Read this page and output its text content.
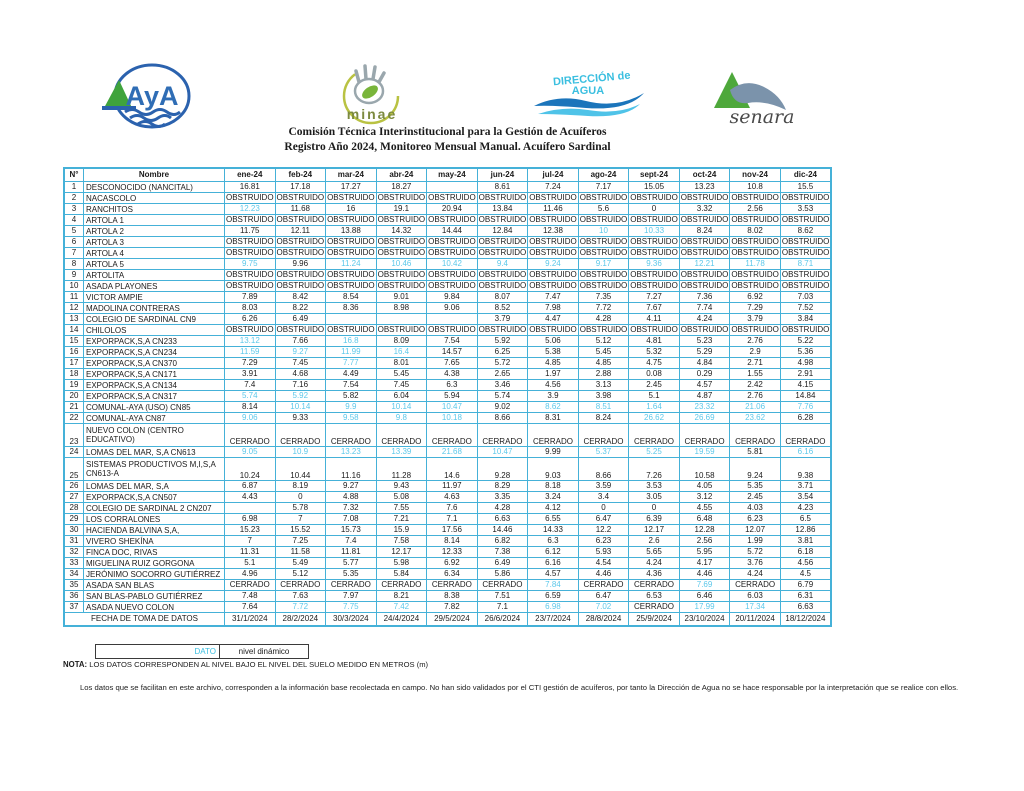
AyA
minae
DIRECCIÓN de
AGUA
senara
Comisión Técnica Interinstitucional para la Gestión de Acuíferos
Registro Año 2024, Monitoreo Mensual Manual. Acuífero Sardinal
N°	Nombre	ene-24	feb-24	mar-24	abr-24	may-24	jun-24	jul-24	ago-24	sept-24	oct-24	nov-24	dic-24
1	DESCONOCIDO (NANCITAL)	16.81	17.18	17.27	18.27		8.61	7.24	7.17	15.05	13.23	10.8	15.5
2	NACASCOLO	OBSTRUIDO	OBSTRUIDO	OBSTRUIDO	OBSTRUIDO	OBSTRUIDO	OBSTRUIDO	OBSTRUIDO	OBSTRUIDO	OBSTRUIDO	OBSTRUIDO	OBSTRUIDO	OBSTRUIDO
3	RANCHITOS	12.23	11.68	16	19.1	20.94	13.84	11.46	5.6	0	3.32	2.56	3.53
4	ARTOLA 1	OBSTRUIDO	OBSTRUIDO	OBSTRUIDO	OBSTRUIDO	OBSTRUIDO	OBSTRUIDO	OBSTRUIDO	OBSTRUIDO	OBSTRUIDO	OBSTRUIDO	OBSTRUIDO	OBSTRUIDO
5	ARTOLA 2	11.75	12.11	13.88	14.32	14.44	12.84	12.38	10	10.33	8.24	8.02	8.62
6	ARTOLA 3	OBSTRUIDO	OBSTRUIDO	OBSTRUIDO	OBSTRUIDO	OBSTRUIDO	OBSTRUIDO	OBSTRUIDO	OBSTRUIDO	OBSTRUIDO	OBSTRUIDO	OBSTRUIDO	OBSTRUIDO
7	ARTOLA 4	OBSTRUIDO	OBSTRUIDO	OBSTRUIDO	OBSTRUIDO	OBSTRUIDO	OBSTRUIDO	OBSTRUIDO	OBSTRUIDO	OBSTRUIDO	OBSTRUIDO	OBSTRUIDO	OBSTRUIDO
8	ARTOLA 5	9.75	9.96	11.24	10.46	10.42	9.4	9.24	9.17	9.36	12.21	11.78	8.71
9	ARTOLITA	OBSTRUIDO	OBSTRUIDO	OBSTRUIDO	OBSTRUIDO	OBSTRUIDO	OBSTRUIDO	OBSTRUIDO	OBSTRUIDO	OBSTRUIDO	OBSTRUIDO	OBSTRUIDO	OBSTRUIDO
10	ASADA PLAYONES	OBSTRUIDO	OBSTRUIDO	OBSTRUIDO	OBSTRUIDO	OBSTRUIDO	OBSTRUIDO	OBSTRUIDO	OBSTRUIDO	OBSTRUIDO	OBSTRUIDO	OBSTRUIDO	OBSTRUIDO
11	VICTOR AMPIE	7.89	8.42	8.54	9.01	9.84	8.07	7.47	7.35	7.27	7.36	6.92	7.03
12	MADOLINA CONTRERAS	8.03	8.22	8.36	8.98	9.06	8.52	7.98	7.72	7.67	7.74	7.29	7.52
13	COLEGIO DE SARDINAL CN9	6.26	6.49				3.79	4.47	4.28	4.11	4.24	3.79	3.84
14	CHILOLOS	OBSTRUIDO	OBSTRUIDO	OBSTRUIDO	OBSTRUIDO	OBSTRUIDO	OBSTRUIDO	OBSTRUIDO	OBSTRUIDO	OBSTRUIDO	OBSTRUIDO	OBSTRUIDO	OBSTRUIDO
15	EXPORPACK,S,A CN233	13.12	7.66	16.8	8.09	7.54	5.92	5.06	5.12	4.81	5.23	2.76	5.22
16	EXPORPACK,S,A CN234	11.59	9.27	11.99	16.4	14.57	6.25	5.38	5.45	5.32	5.29	2.9	5.36
17	EXPORPACK,S,A CN370	7.29	7.45	7.77	8.01	7.65	5.72	4.85	4.85	4.75	4.84	2.71	4.98
18	EXPORPACK,S,A CN171	3.91	4.68	4.49	5.45	4.38	2.65	1.97	2.88	0.08	0.29	1.55	2.91
19	EXPORPACK,S,A CN134	7.4	7.16	7.54	7.45	6.3	3.46	4.56	3.13	2.45	4.57	2.42	4.15
20	EXPORPACK,S,A CN317	5.74	5.92	5.82	6.04	5.94	5.74	3.9	3.98	5.1	4.87	2.76	14.84
21	COMUNAL-AYA (USO) CN85	8.14	10.14	9.9	10.14	10.47	9.02	8.62	8.51	1.64	23.32	21.06	7.76
22	COMUNAL-AYA CN87	9.06	9.33	9.58	9.8	10.18	8.66	8.31	8.24	26.62	26.69	23.62	6.28
23	NUEVO COLON (CENTRO EDUCATIVO)	CERRADO	CERRADO	CERRADO	CERRADO	CERRADO	CERRADO	CERRADO	CERRADO	CERRADO	CERRADO	CERRADO	CERRADO
24	LOMAS DEL MAR, S,A CN613	9.05	10.9	13.23	13.39	21.68	10.47	9.99	5.37	5.25	19.59	5.81	6.16
25	SISTEMAS PRODUCTIVOS M,I,S,A CN613-A	10.24	10.44	11.16	11.28	14.6	9.28	9.03	8.66	7.26	10.58	9.24	9.38
26	LOMAS DEL MAR, S,A	6.87	8.19	9.27	9.43	11.97	8.29	8.18	3.59	3.53	4.05	5.35	3.71
27	EXPORPACK,S,A CN507	4.43	0	4.88	5.08	4.63	3.35	3.24	3.4	3.05	3.12	2.45	3.54
28	COLEGIO DE SARDINAL 2 CN207		5.78	7.32	7.55	7.6	4.28	4.12	0	0	4.55	4.03	4.23
29	LOS CORRALONES	6.98	7	7.08	7.21	7.1	6.63	6.55	6.47	6.39	6.48	6.23	6.5
30	HACIENDA BALVINA S,A,	15.23	15.52	15.73	15.9	17.56	14.46	14.33	12.2	12.17	12.28	12.07	12.86
31	VIVERO SHEKÍNA	7	7.25	7.4	7.58	8.14	6.82	6.3	6.23	2.6	2.56	1.99	3.81
32	FINCA DOC, RIVAS	11.31	11.58	11.81	12.17	12.33	7.38	6.12	5.93	5.65	5.95	5.72	6.18
33	MIGUELINA RUIZ GORGONA	5.1	5.49	5.77	5.98	6.92	6.49	6.16	4.54	4.24	4.17	3.76	4.56
34	JERÓNIMO SOCORRO GUTIÉRREZ	4.96	5.12	5.35	5.84	6.34	5.86	4.57	4.46	4.36	4.46	4.24	4.5
35	ASADA SAN BLAS	CERRADO	CERRADO	CERRADO	CERRADO	CERRADO	CERRADO	7.84	CERRADO	CERRADO	7.69	CERRADO	6.79
36	SAN BLAS-PABLO GUTIÉRREZ	7.48	7.63	7.97	8.21	8.38	7.51	6.59	6.47	6.53	6.46	6.03	6.31
37	ASADA NUEVO COLON	7.64	7.72	7.75	7.42	7.82	7.1	6.98	7.02	CERRADO	17.99	17.34	6.63
FECHA DE TOMA DE DATOS		31/1/2024	28/2/2024	30/3/2024	24/4/2024	29/5/2024	26/6/2024	23/7/2024	28/8/2024	25/9/2024	23/10/2024	20/11/2024	18/12/2024
DATO	nivel dinámico
NOTA: LOS DATOS CORRESPONDEN AL NIVEL BAJO EL NIVEL DEL SUELO MEDIDO EN METROS (m)
Los datos que se facilitan en este archivo, corresponden a la información base recolectada en campo. No han sido validados por el CTI gestión de acuíferos, por tanto la Dirección de Agua no se hace responsable por la interpretación que se realice con ellos.
